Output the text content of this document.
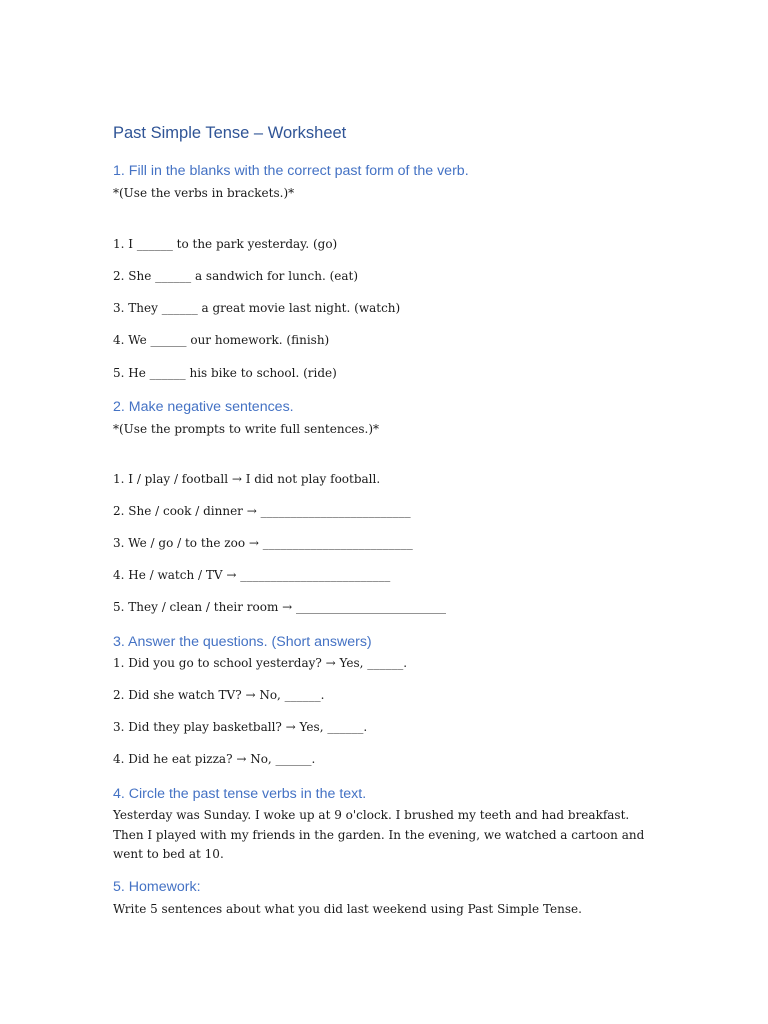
Past Simple Tense – Worksheet
1. Fill in the blanks with the correct past form of the verb.
*(Use the verbs in brackets.)*
1. I ______ to the park yesterday. (go)
2. She ______ a sandwich for lunch. (eat)
3. They ______ a great movie last night. (watch)
4. We ______ our homework. (finish)
5. He ______ his bike to school. (ride)
2. Make negative sentences.
*(Use the prompts to write full sentences.)*
1. I / play / football → I did not play football.
2. She / cook / dinner → _________________________
3. We / go / to the zoo → _________________________
4. He / watch / TV → _________________________
5. They / clean / their room → _________________________
3. Answer the questions. (Short answers)
1. Did you go to school yesterday? → Yes, ______.
2. Did she watch TV? → No, ______.
3. Did they play basketball? → Yes, ______.
4. Did he eat pizza? → No, ______.
4. Circle the past tense verbs in the text.
Yesterday was Sunday. I woke up at 9 o'clock. I brushed my teeth and had breakfast. Then I played with my friends in the garden. In the evening, we watched a cartoon and went to bed at 10.
5. Homework:
Write 5 sentences about what you did last weekend using Past Simple Tense.
